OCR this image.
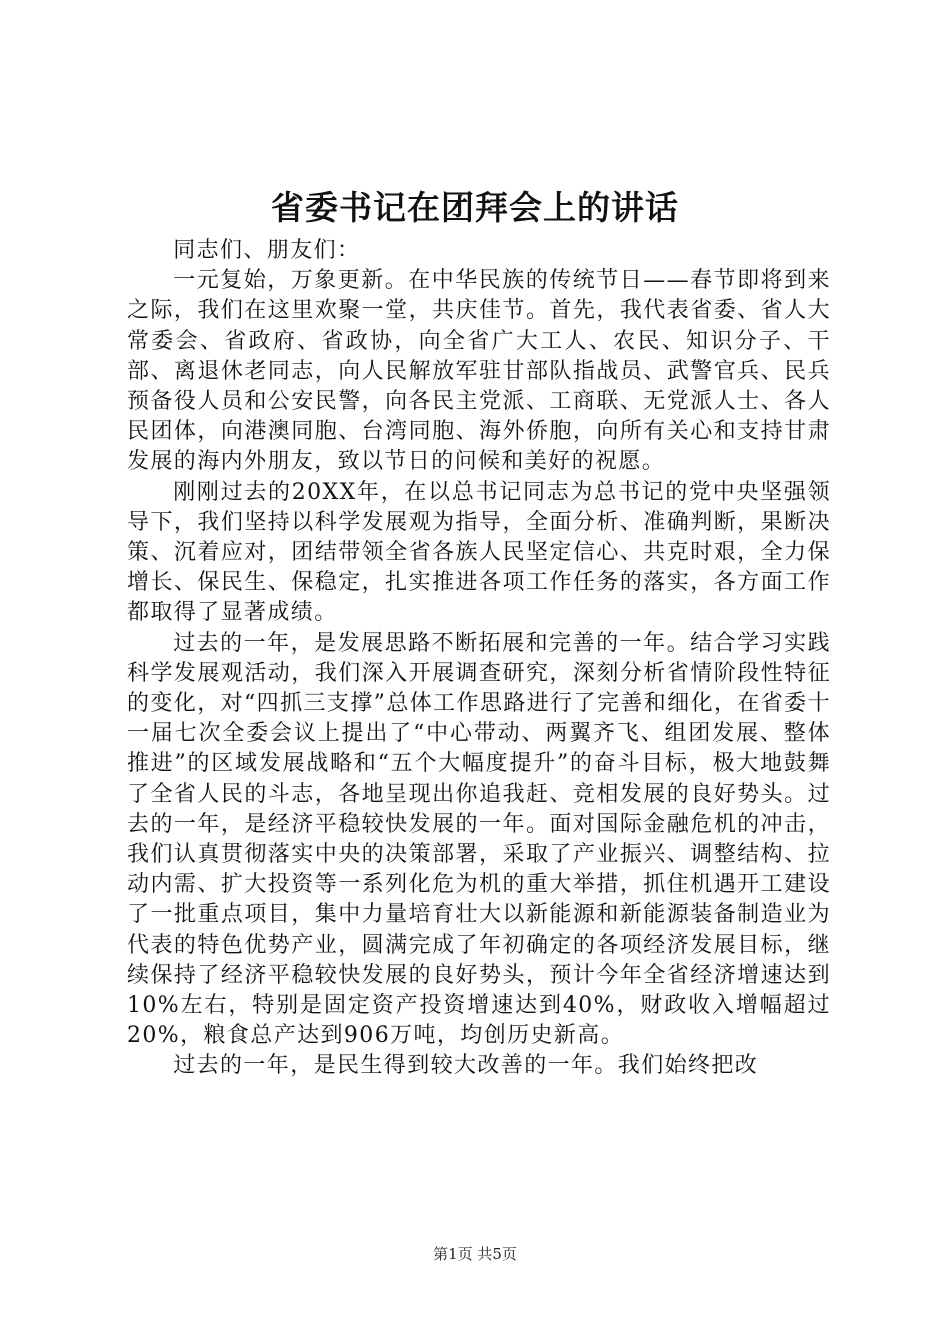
省委书记在团拜会上的讲话

同志们、朋友们：

一元复始，万象更新。在中华民族的传统节日——春节即将到来之际，我们在这里欢聚一堂，共庆佳节。首先，我代表省委、省人大常委会、省政府、省政协，向全省广大工人、农民、知识分子、干部、离退休老同志，向人民解放军驻甘部队指战员、武警官兵、民兵预备役人员和公安民警，向各民主党派、工商联、无党派人士、各人民团体，向港澳同胞、台湾同胞、海外侨胞，向所有关心和支持甘肃发展的海内外朋友，致以节日的问候和美好的祝愿。

刚刚过去的20XX年，在以总书记同志为总书记的党中央坚强领导下，我们坚持以科学发展观为指导，全面分析、准确判断，果断决策、沉着应对，团结带领全省各族人民坚定信心、共克时艰，全力保增长、保民生、保稳定，扎实推进各项工作任务的落实，各方面工作都取得了显著成绩。

过去的一年，是发展思路不断拓展和完善的一年。结合学习实践科学发展观活动，我们深入开展调查研究，深刻分析省情阶段性特征的变化，对“四抓三支撑”总体工作思路进行了完善和细化，在省委十一届七次全委会议上提出了“中心带动、两翼齐飞、组团发展、整体推进”的区域发展战略和“五个大幅度提升”的奋斗目标，极大地鼓舞了全省人民的斗志，各地呈现出你追我赶、竞相发展的良好势头。过去的一年，是经济平稳较快发展的一年。面对国际金融危机的冲击，我们认真贯彻落实中央的决策部署，采取了产业振兴、调整结构、拉动内需、扩大投资等一系列化危为机的重大举措，抓住机遇开工建设了一批重点项目，集中力量培育壮大以新能源和新能源装备制造业为代表的特色优势产业，圆满完成了年初确定的各项经济发展目标，继续保持了经济平稳较快发展的良好势头，预计今年全省经济增速达到10%左右，特别是固定资产投资增速达到40%，财政收入增幅超过20%，粮食总产达到906万吨，均创历史新高。

过去的一年，是民生得到较大改善的一年。我们始终把改

第1页 共5页
